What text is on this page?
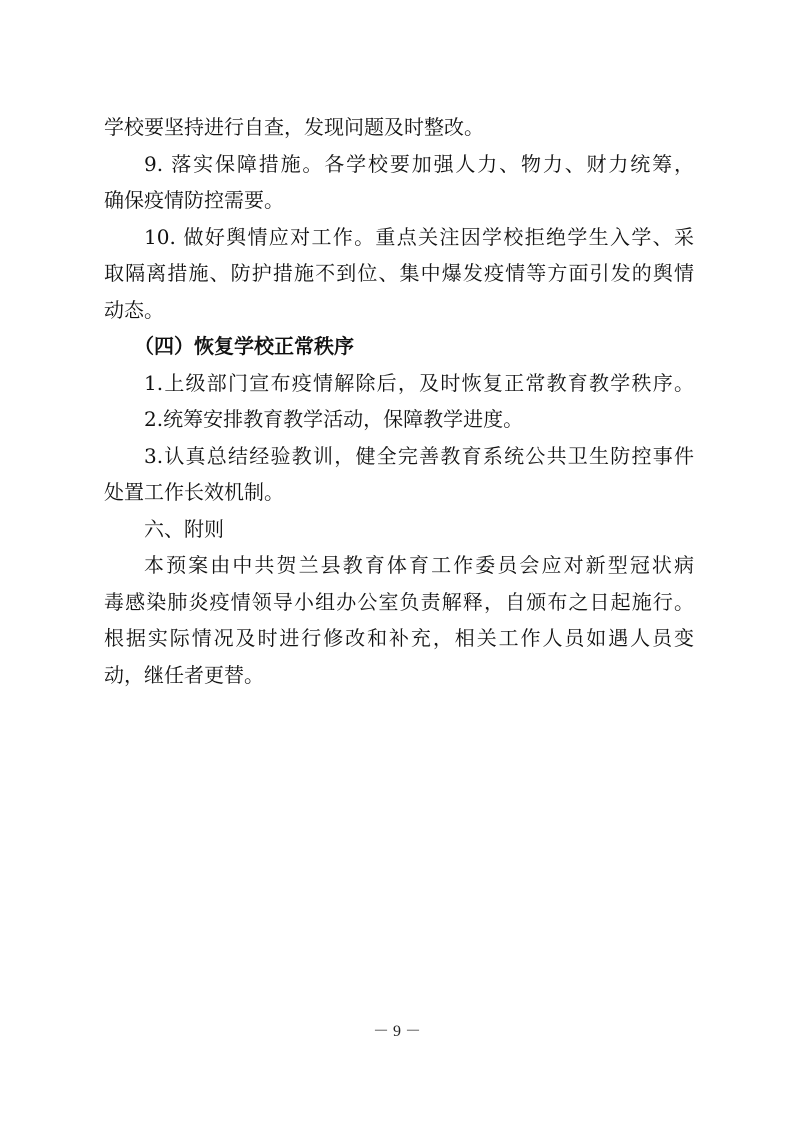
学校要坚持进行自查，发现问题及时整改。
9. 落实保障措施。各学校要加强人力、物力、财力统筹，
确保疫情防控需要。
10. 做好舆情应对工作。重点关注因学校拒绝学生入学、采
取隔离措施、防护措施不到位、集中爆发疫情等方面引发的舆情
动态。
（四）恢复学校正常秩序
1.上级部门宣布疫情解除后，及时恢复正常教育教学秩序。
2.统筹安排教育教学活动，保障教学进度。
3.认真总结经验教训，健全完善教育系统公共卫生防控事件
处置工作长效机制。
六、附则
本预案由中共贺兰县教育体育工作委员会应对新型冠状病
毒感染肺炎疫情领导小组办公室负责解释，自颁布之日起施行。
根据实际情况及时进行修改和补充，相关工作人员如遇人员变
动，继任者更替。
－ 9 －
